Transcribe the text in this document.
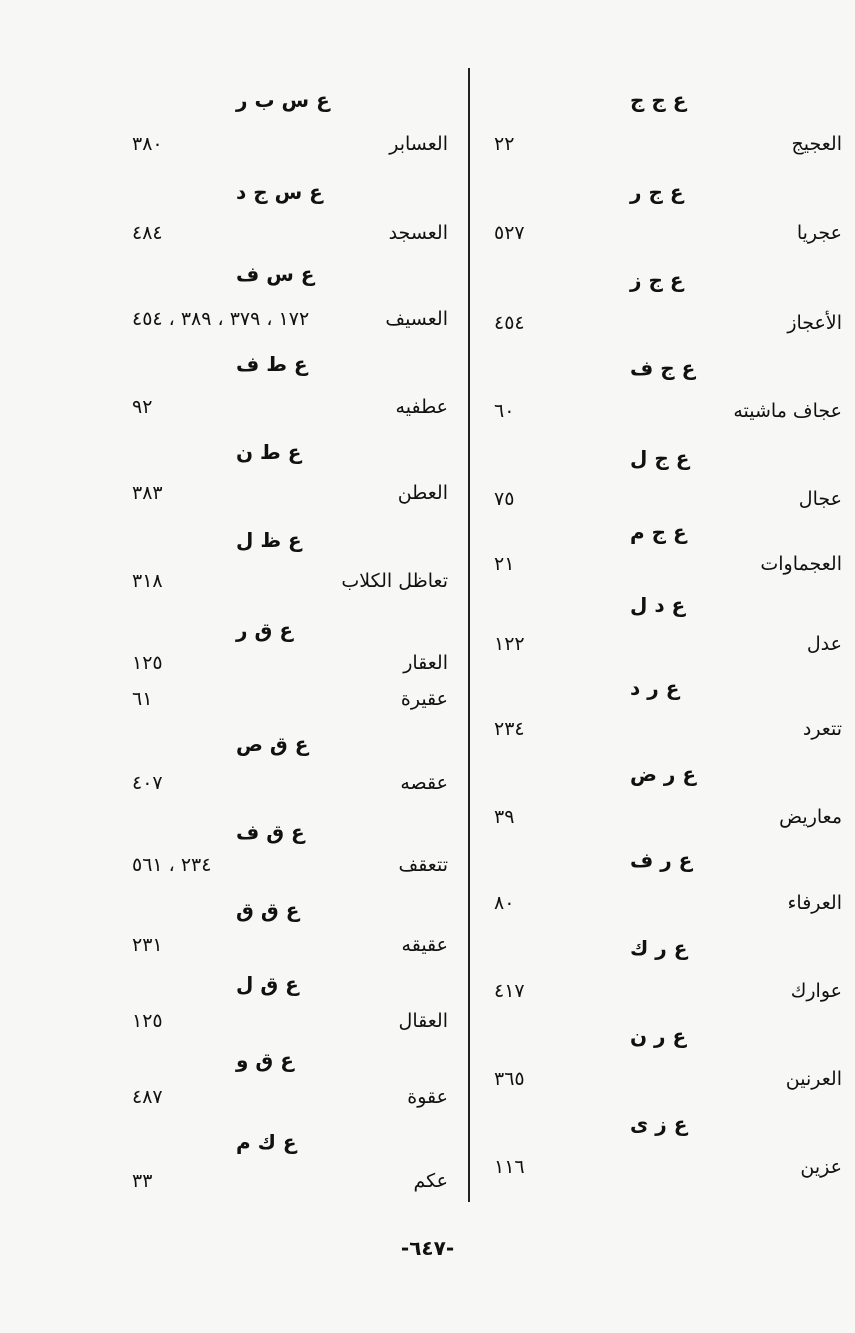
ع ج ج
العجيج
٢٢
ع ج ر
عجريا
٥٢٧
ع ج ز
الأعجاز
٤٥٤
ع ج ف
عجاف ماشيته
٦٠
ع ج ل
عجال
٧٥
ع ج م
العجماوات
٢١
ع د ل
عدل
١٢٢
ع ر د
تتعرد
٢٣٤
ع ر ض
معاريض
٣٩
ع ر ف
العرفاء
٨٠
ع ر ك
عوارك
٤١٧
ع ر ن
العرنين
٣٦٥
ع ز ى
عزين
١١٦
ع س ب ر
العسابر
٣٨٠
ع س ج د
العسجد
٤٨٤
ع س ف
العسيف
١٧٢ ، ٣٧٩ ، ٣٨٩ ، ٤٥٤
ع ط ف
عطفيه
٩٢
ع ط ن
العطن
٣٨٣
ع ظ ل
تعاظل الكلاب
٣١٨
ع ق ر
العقار
١٢٥
عقيرة
٦١
ع ق ص
عقصه
٤٠٧
ع ق ف
تتعقف
٢٣٤ ، ٥٦١
ع ق ق
عقيقه
٢٣١
ع ق ل
العقال
١٢٥
ع ق و
عقوة
٤٨٧
ع ك م
عكم
٣٣
-٦٤٧-
